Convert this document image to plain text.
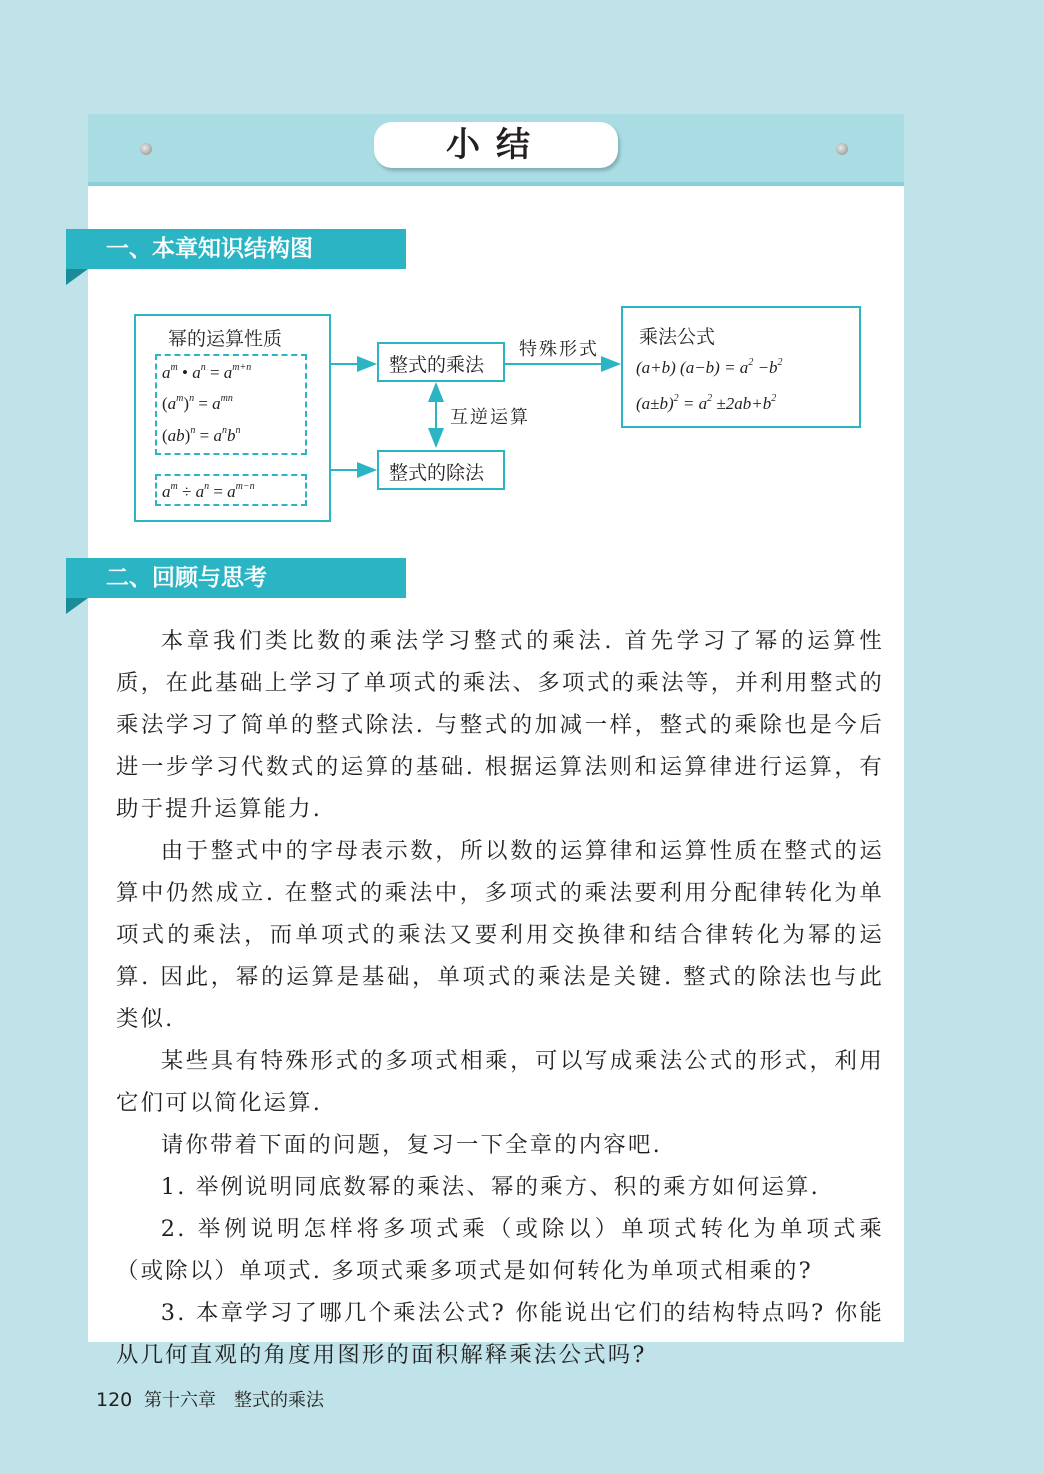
小结
一、本章知识结构图
幂的运算性质
$a^m$ • $a^n = a^{m+n}$
$(a^m)^n = a^{mn}$
$(ab)^n = a^nb^n$
$a^m \div a^n = a^{m-n}$
整式的乘法
整式的除法
特殊形式
互逆运算
乘法公式
(a+b) $(a-b) = a^2 -b^2$
$(a\pm b)^2 = a^2 \pm 2ab+b^2$
二、回顾与思考

本章我们类比数的乘法学习整式的乘法. 首先学习了幂的运算性质，在此基础上学习了单项式的乘法、多项式的乘法等，并利用整式的乘法学习了简单的整式除法. 与整式的加减一样，整式的乘除也是今后进一步学习代数式的运算的基础. 根据运算法则和运算律进行运算，有助于提升运算能力.

由于整式中的字母表示数，所以数的运算律和运算性质在整式的运算中仍然成立. 在整式的乘法中，多项式的乘法要利用分配律转化为单项式的乘法，而单项式的乘法又要利用交换律和结合律转化为幂的运算. 因此，幂的运算是基础，单项式的乘法是关键. 整式的除法也与此类似.

某些具有特殊形式的多项式相乘，可以写成乘法公式的形式，利用它们可以简化运算.

请你带着下面的问题，复习一下全章的内容吧.

1. 举例说明同底数幂的乘法、幂的乘方、积的乘方如何运算.

2. 举例说明怎样将多项式乘（或除以）单项式转化为单项式乘（或除以）单项式. 多项式乘多项式是如何转化为单项式相乘的?

3. 本章学习了哪几个乘法公式? 你能说出它们的结构特点吗? 你能从几何直观的角度用图形的面积解释乘法公式吗?

120 第十六章　整式的乘法
